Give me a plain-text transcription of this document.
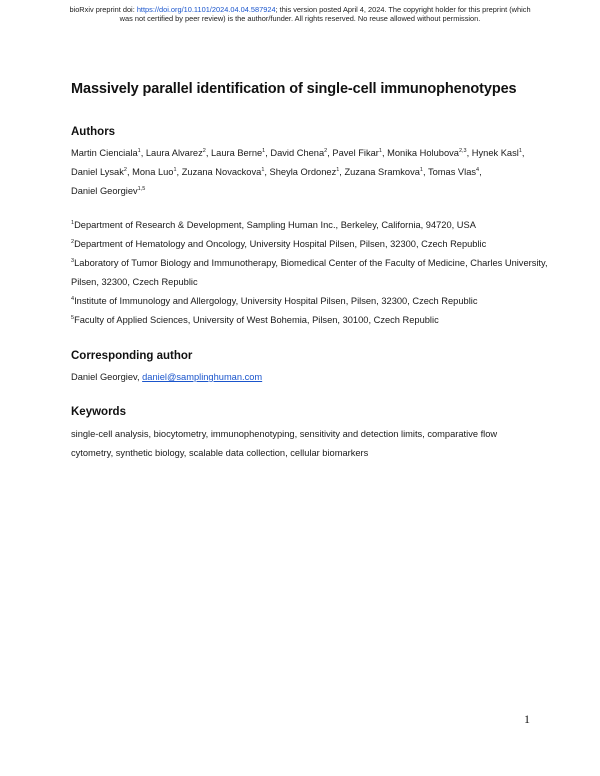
bioRxiv preprint doi: https://doi.org/10.1101/2024.04.04.587924; this version posted April 4, 2024. The copyright holder for this preprint (which
was not certified by peer review) is the author/funder. All rights reserved. No reuse allowed without permission.
Massively parallel identification of single-cell immunophenotypes
Authors
Martin Cienciala$^1$, Laura Alvarez$^2$, Laura Berne$^1$, David Chena$^2$, Pavel Fikar$^1$, Monika Holubova$^{2,3}$, Hynek Kasl$^1$, Daniel Lysak$^2$, Mona Luo$^1$, Zuzana Novackova$^1$, Sheyla Ordonez$^1$, Zuzana Sramkova$^1$, Tomas Vlas$^4$, Daniel Georgiev$^{1,5}$
$^1$Department of Research & Development, Sampling Human Inc., Berkeley, California, 94720, USA
$^2$Department of Hematology and Oncology, University Hospital Pilsen, Pilsen, 32300, Czech Republic
$^3$Laboratory of Tumor Biology and Immunotherapy, Biomedical Center of the Faculty of Medicine, Charles University, Pilsen, 32300, Czech Republic
$^4$Institute of Immunology and Allergology, University Hospital Pilsen, Pilsen, 32300, Czech Republic
$^5$Faculty of Applied Sciences, University of West Bohemia, Pilsen, 30100, Czech Republic
Corresponding author
Daniel Georgiev, daniel@samplinghuman.com
Keywords
single-cell analysis, biocytometry, immunophenotyping, sensitivity and detection limits, comparative flow cytometry, synthetic biology, scalable data collection, cellular biomarkers
1
